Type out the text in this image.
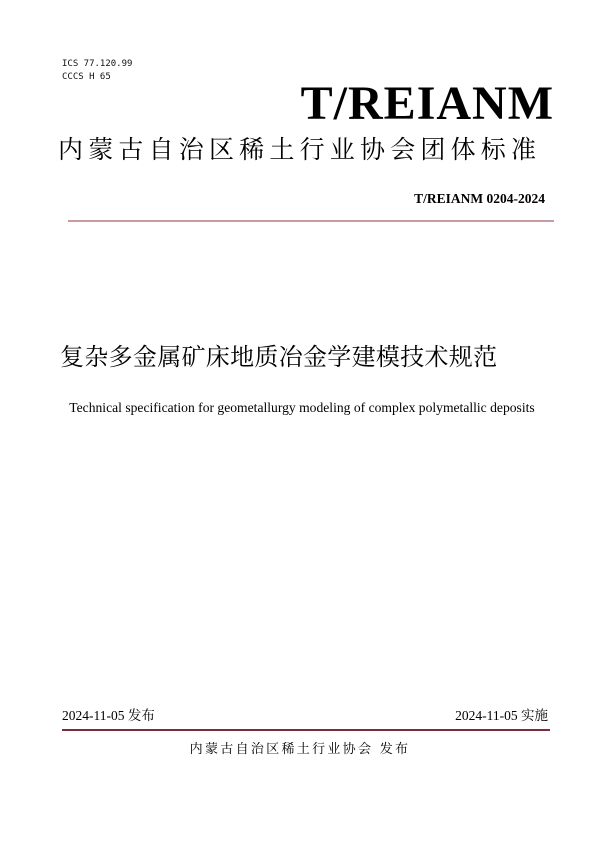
ICS 77.120.99
CCCS H 65	T/REIANM
内蒙古自治区稀土行业协会团体标准
T/REIANM 0204-2024
复杂多金属矿床地质冶金学建模技术规范
Technical specification for geometallurgy modeling of complex polymetallic deposits
2024-11-05 发布	2024-11-05 实施
内蒙古自治区稀土行业协会 发布
